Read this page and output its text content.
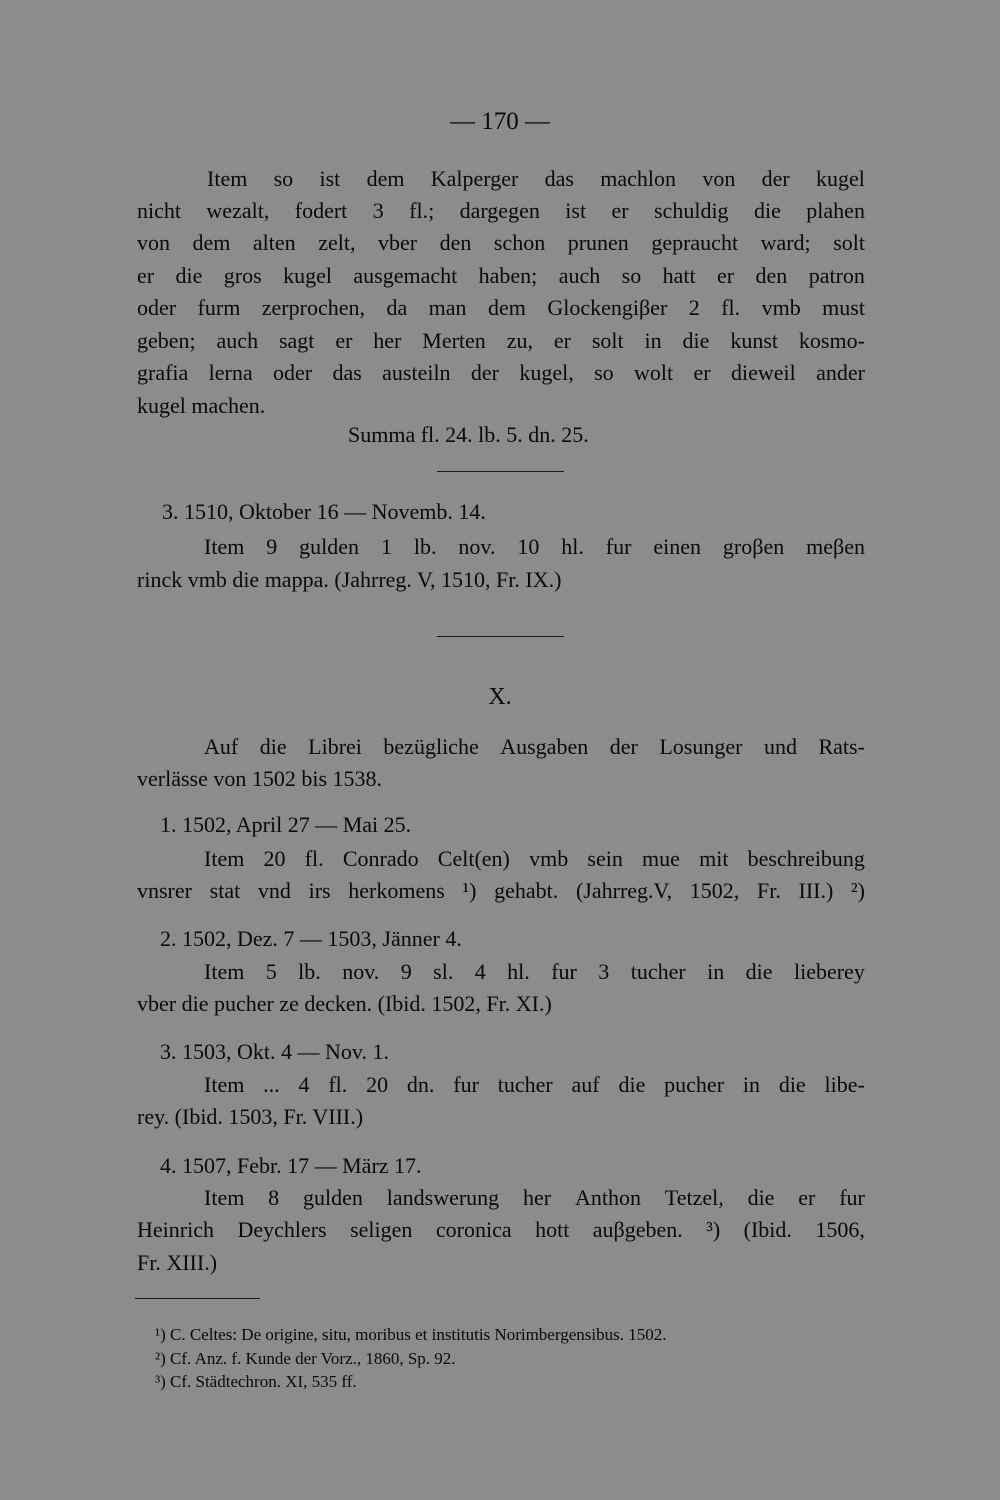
— 170 —
Item so ist dem Kalperger das machlon von der kugel
nicht wezalt, fodert 3 fl.; dargegen ist er schuldig die plahen
von dem alten zelt, vber den schon prunen gepraucht ward; solt
er die gros kugel ausgemacht haben; auch so hatt er den patron
oder furm zerprochen, da man dem Glockengiβer 2 fl. vmb must
geben; auch sagt er her Merten zu, er solt in die kunst kosmo-
grafia lerna oder das austeiln der kugel, so wolt er dieweil ander
kugel machen.
Summa fl. 24. lb. 5. dn. 25.
3. 1510, Oktober 16 — Novemb. 14.
Item 9 gulden 1 lb. nov. 10 hl. fur einen groβen meβen
rinck vmb die mappa. (Jahrreg. V, 1510, Fr. IX.)
X.
Auf die Librei bezügliche Ausgaben der Losunger und Rats-
verlässe von 1502 bis 1538.
1. 1502, April 27 — Mai 25.
Item 20 fl. Conrado Celt(en) vmb sein mue mit beschreibung
vnsrer stat vnd irs herkomens ¹) gehabt. (Jahrreg.V, 1502, Fr. III.) ²)
2. 1502, Dez. 7 — 1503, Jänner 4.
Item 5 lb. nov. 9 sl. 4 hl. fur 3 tucher in die lieberey
vber die pucher ze decken. (Ibid. 1502, Fr. XI.)
3. 1503, Okt. 4 — Nov. 1.
Item ... 4 fl. 20 dn. fur tucher auf die pucher in die libe-
rey. (Ibid. 1503, Fr. VIII.)
4. 1507, Febr. 17 — März 17.
Item 8 gulden landswerung her Anthon Tetzel, die er fur
Heinrich Deychlers seligen coronica hott auβgeben. ³) (Ibid. 1506,
Fr. XIII.)
¹) C. Celtes: De origine, situ, moribus et institutis Norimbergensibus. 1502.
²) Cf. Anz. f. Kunde der Vorz., 1860, Sp. 92.
³) Cf. Städtechron. XI, 535 ff.
